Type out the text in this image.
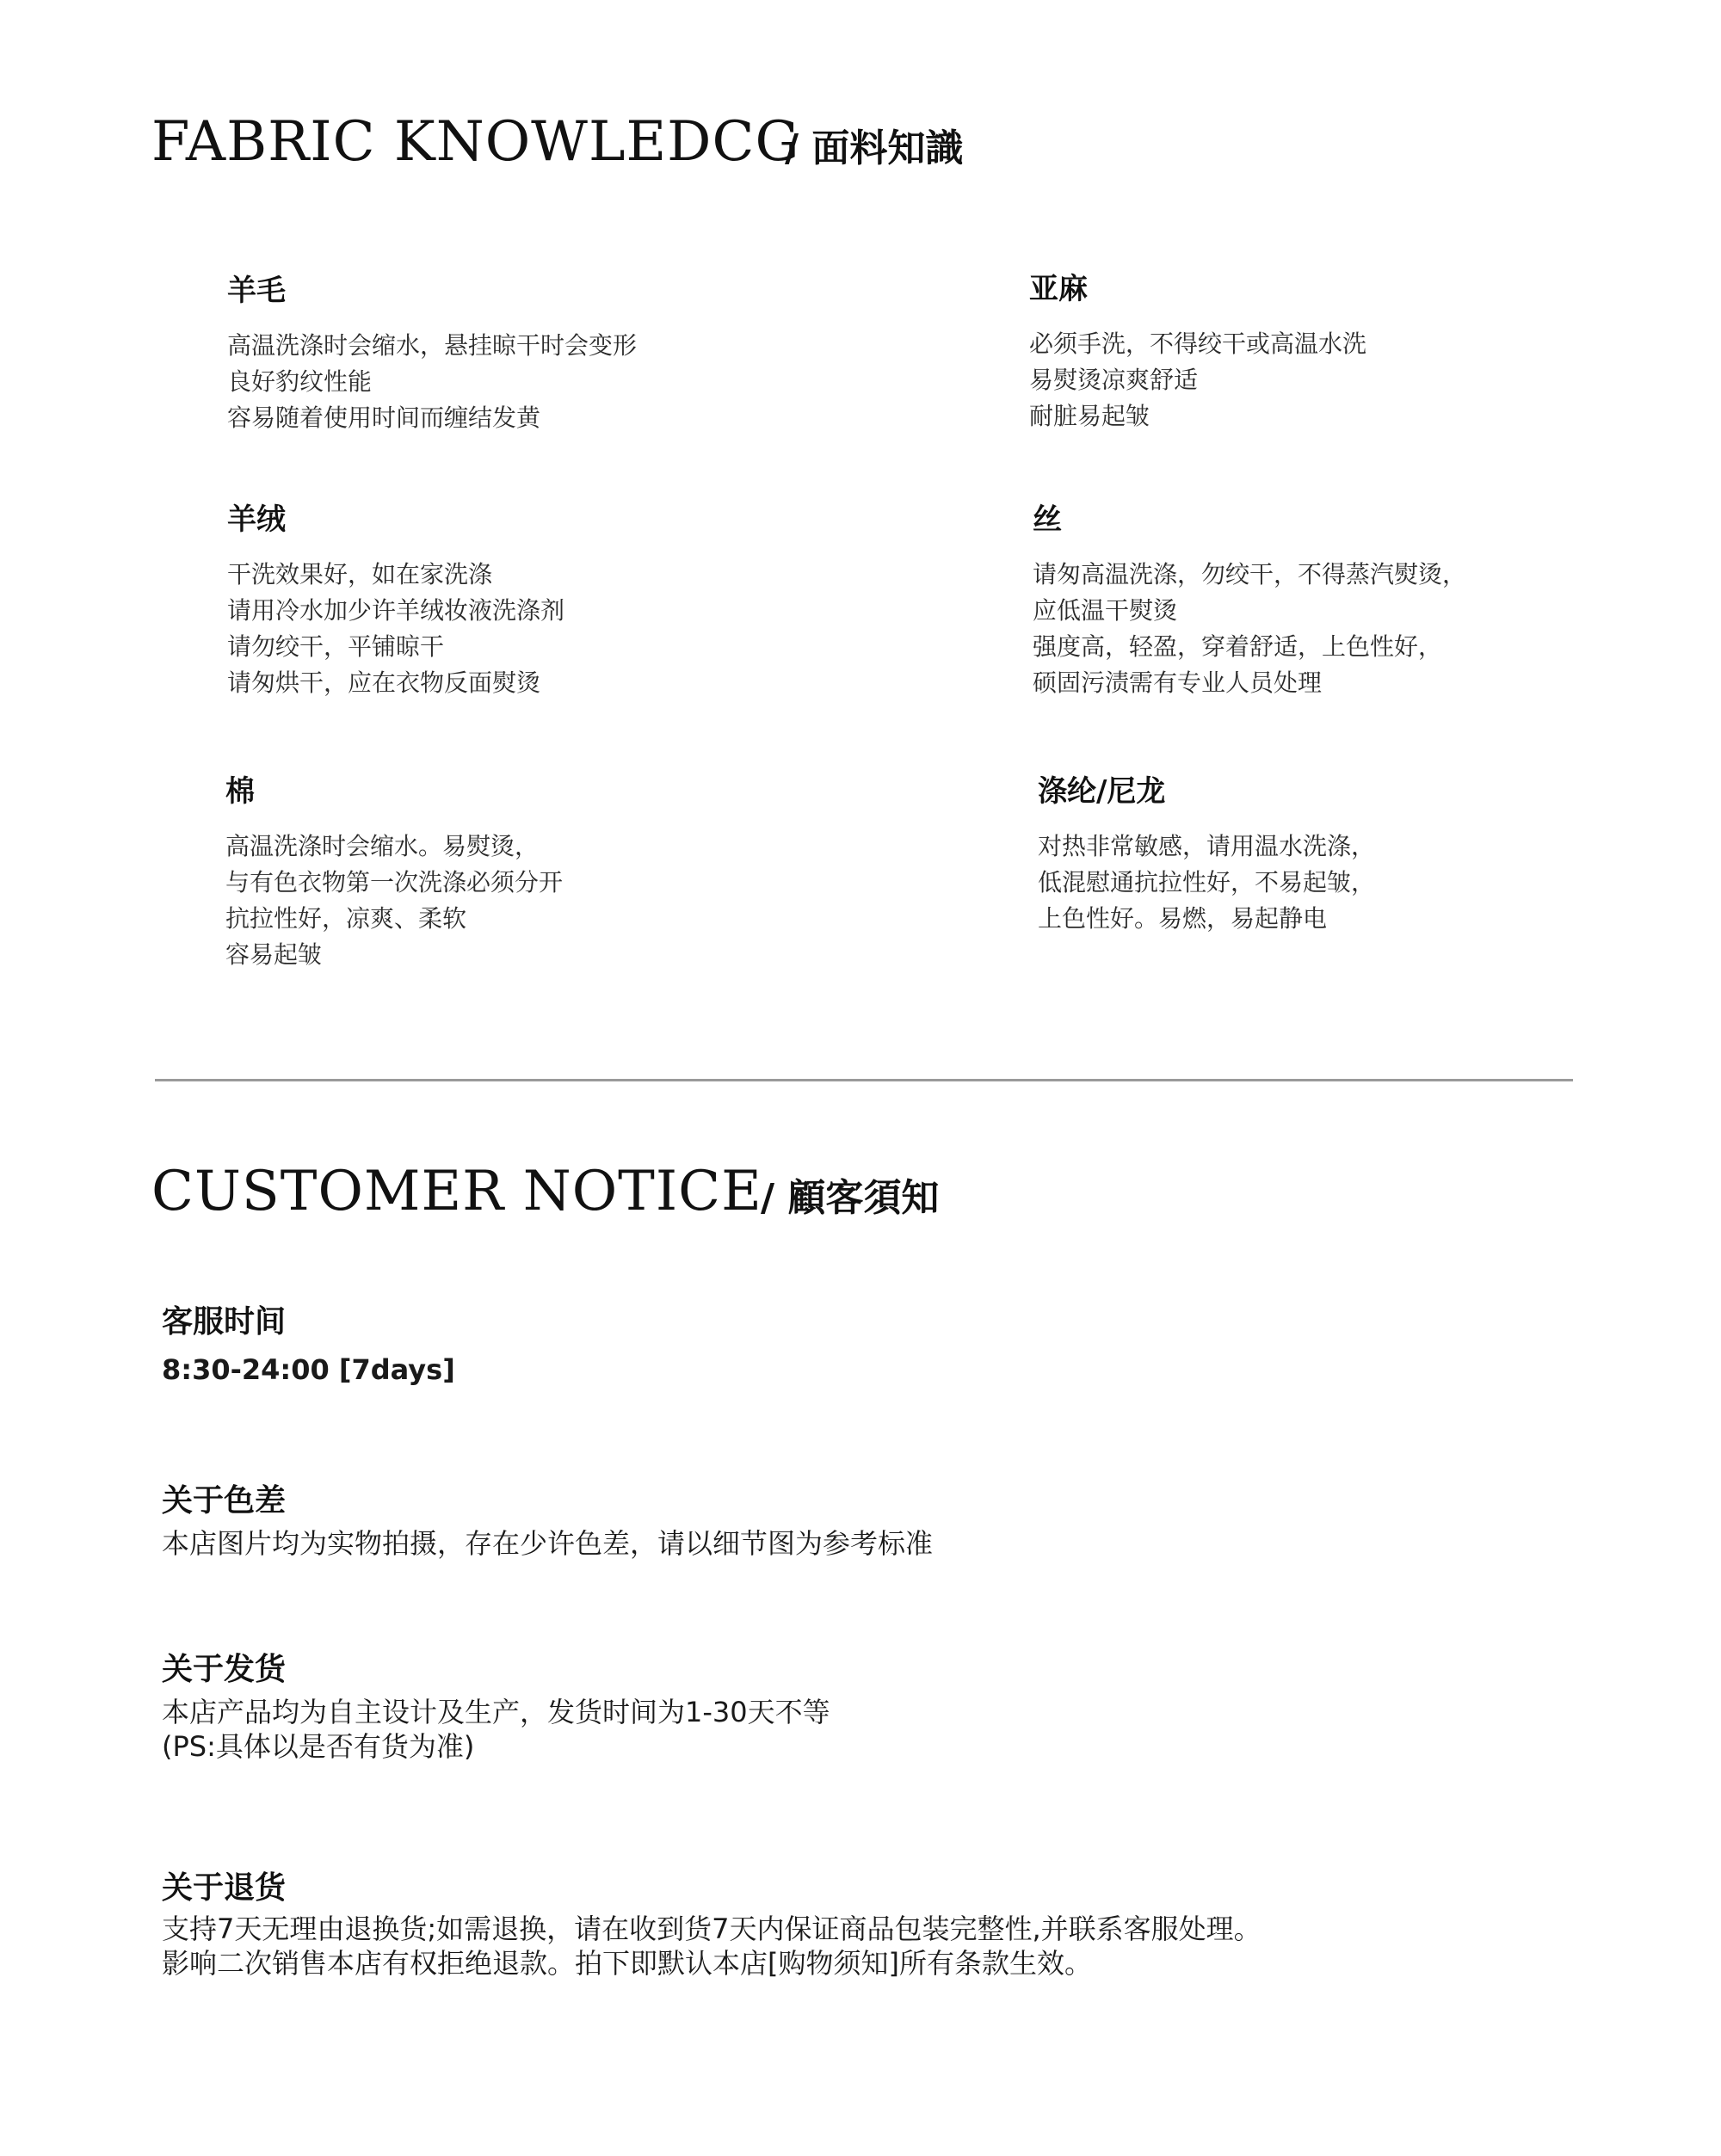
FABRIC KNOWLEDCG
/ 面料知識
羊毛
高温洗涤时会缩水，悬挂晾干时会变形
良好豹纹性能
容易随着使用时间而缠结发黄
亚麻
必须手洗，不得绞干或高温水洗
易熨烫凉爽舒适
耐脏易起皱
羊绒
干洗效果好，如在家洗涤
请用冷水加少许羊绒妆液洗涤剂
请勿绞干，平铺晾干
请匆烘干，应在衣物反面熨烫
丝
请匆高温洗涤，勿绞干，不得蒸汽熨烫，
应低温干熨烫
强度高，轻盈，穿着舒适，上色性好，
硕固污渍需有专业人员处理
棉
高温洗涤时会缩水。易熨烫，
与有色衣物第一次洗涤必须分开
抗拉性好，凉爽、柔软
容易起皱
涤纶/尼龙
对热非常敏感，请用温水洗涤，
低混慰通抗拉性好，不易起皱，
上色性好。易燃，易起静电
CUSTOMER NOTICE
/ 顧客須知
客服时间
8:30-24:00 [7days]
关于色差
本店图片均为实物拍摄，存在少许色差，请以细节图为参考标准
关于发货
本店产品均为自主设计及生产，发货时间为1-30天不等
(PS:具体以是否有货为准)
关于退货
支持7天无理由退换货;如需退换，请在收到货7天内保证商品包装完整性,并联系客服处理。
影响二次销售本店有权拒绝退款。拍下即默认本店[购物须知]所有条款生效。
